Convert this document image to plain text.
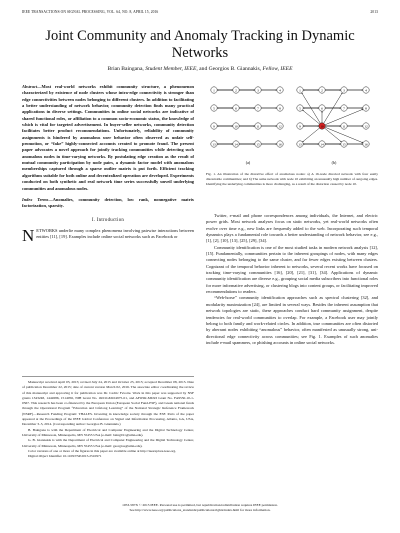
IEEE TRANSACTIONS ON SIGNAL PROCESSING, VOL. 64, NO. 8, APRIL 15, 2016	2013
Joint Community and Anomaly Tracking in Dynamic Networks
Brian Baingana, Student Member, IEEE, and Georgios B. Giannakis, Fellow, IEEE
Abstract—Most real-world networks exhibit community structure, a phenomenon characterized by existence of node clusters whose intra-edge connectivity is stronger than edge connectivities between nodes belonging to different clusters. In addition to facilitating a better understanding of network behavior, community detection finds many practical applications in diverse settings. Communities in online social networks are indicative of shared functional roles, or affiliation to a common socio-economic status, the knowledge of which is vital for targeted advertisement. In buyer-seller networks, community detection facilitates better product recommendations. Unfortunately, reliability of community assignments is hindered by anomalous user behavior often observed as unfair self-promotion, or “fake” highly-connected accounts created to promote fraud. The present paper advocates a novel approach for jointly tracking communities while detecting such anomalous nodes in time-varying networks. By postulating edge creation as the result of mutual community participation by node pairs, a dynamic factor model with anomalous memberships captured through a sparse outlier matrix is put forth. Efficient tracking algorithms suitable for both online and decentralized operation are developed. Experiments conducted on both synthetic and real network time series successfully unveil underlying communities and anomalous nodes.
Index Terms—Anomalies, community detection, low rank, nonnegative matrix factorization, sparsity.
I. Introduction
NETWORKS underlie many complex phenomena involving pairwise interactions between entities [11], [19]. Examples include online social networks such as Facebook or

Manuscript received April 03, 2015; revised July 24, 2015 and October 25, 2015; accepted December 08, 2015. Date of publication December 22, 2015; date of current version March 02, 2016. The associate editor coordinating the review of this manuscript and approving it for publication was Dr. Cedric Fevotte. Work in this paper was supported by NSF grants 1343248, 1442686, 1514056, NIH Grant No. 1R01GM104975-01, and AFOSR-MURI Grant No. FA9550-10-1-0567. This research has been co-financed by the European Union (European Social Fund-ESF), and Greek national funds through the Operational Program “Education and Lifelong Learning” of the National Strategic Reference Framework (NSRF)—Research Funding Program: THALES. Investing in knowledge society through the ESF. Parts of the paper appeared at the Proceedings of the IEEE Global Conference on Signal and Information Processing, Atlanta, GA, USA, December 3–5, 2014. (Corresponding author: Georgios B. Giannakis.)

B. Baingana is with the Department of Electrical and Computer Engineering and the Digital Technology Center, University of Minnesota, Minneapolis, MN 55455 USA (e-mail: baing011@umn.edu).

G. B. Giannakis is with the Department of Electrical and Computer Engineering and the Digital Technology Center, University of Minnesota, Minneapolis, MN 55455 USA (e-mail: georgios@umn.edu).

Color versions of one or more of the figures in this paper are available online at http://ieeexplore.ieee.org.

Digital Object Identifier 10.1109/TSP.2015.2510971

1	2	3	4
5	6	7	8
9	10	11	12
13	14	15	16
1	2	3	4
5	6	7	8
9	10	11	12
13	14	15	16
(a)	(b)
Fig. 1. An illustration of the distortive effect of anomalous nodes: a) A 16-node directed network with four easily discernable communities; and b) The same network with node 10 exhibiting an unusually high number of outgoing edges. Identifying the underlying communities is more challenging, as a result of the distortion caused by node 10.

Twitter, e-mail and phone correspondences among individuals, the Internet, and electric power grids. Most network analyses focus on static networks, yet real-world networks often evolve over time e.g., new links are frequently added to the web. Incorporating such temporal dynamics plays a fundamental role towards a better understanding of network behavior, see e.g., [1], [2], [10], [13], [25], [29], [34].

Community identification is one of the most studied tasks in modern network analysis [12], [15]. Fundamentally, communities pertain to the inherent groupings of nodes, with many edges connecting nodes belonging to the same cluster, and far fewer edges existing between clusters. Cognizant of the temporal behavior inherent to networks, several recent works have focused on tracking time-varying communities [16], [20], [21], [31], [34]. Applications of dynamic community identification are diverse e.g., grouping social media subscribers into functional roles for more informative advertising, or clustering blogs into content groups, or facilitating improved recommendations to readers.

“Web-horse” community identification approaches such as spectral clustering [32], and modularity maximization [24], are limited in several ways. Besides the inherent assumption that network topologies are static, these approaches conduct hard community assignment, despite tendencies for real-world communities to overlap. For example, a Facebook user may jointly belong to both family and work-related circles. In addition, true communities are often distorted by aberrant nodes exhibiting “anomalous” behavior, often manifested as unusually strong, uni-directional edge connectivity across communities; see Fig. 1. Examples of such anomalies include e-mail spammers, or phishing accounts in online social networks.

1053-587X © 2015 IEEE. Personal use is permitted, but republication/redistribution requires IEEE permission.
See http://www.ieee.org/publications_standards/publications/rights/index.html for more information.
